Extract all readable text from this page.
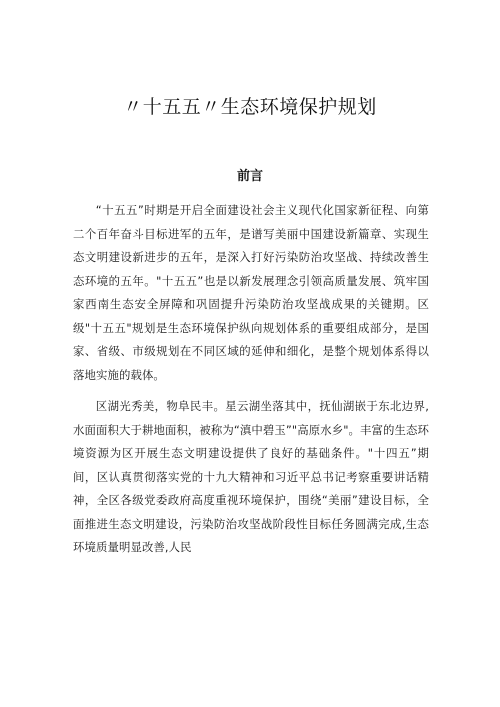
〃十五五〃生态环境保护规划
前言

“十五五”时期是开启全面建设社会主义现代化国家新征程、向第二个百年奋斗目标进军的五年，是谱写美丽中国建设新篇章、实现生态文明建设新进步的五年，是深入打好污染防治攻坚战、持续改善生态环境的五年。"十五五”也是以新发展理念引领高质量发展、筑牢国家西南生态安全屏障和巩固提升污染防治攻坚战成果的关键期。区级"十五五"规划是生态环境保护纵向规划体系的重要组成部分，是国家、省级、市级规划在不同区域的延伸和细化，是整个规划体系得以落地实施的载体。

区湖光秀美，物阜民丰。星云湖坐落其中，抚仙湖嵌于东北边界,水面面积大于耕地面积，被称为“滇中碧玉”"高原水乡"。丰富的生态环境资源为区开展生态文明建设提供了良好的基础条件。"十四五”期间，区认真贯彻落实党的十九大精神和习近平总书记考察重要讲话精神，全区各级党委政府高度重视环境保护，围绕“美丽”建设目标，全面推进生态文明建设，污染防治攻坚战阶段性目标任务圆满完成,生态环境质量明显改善,人民
